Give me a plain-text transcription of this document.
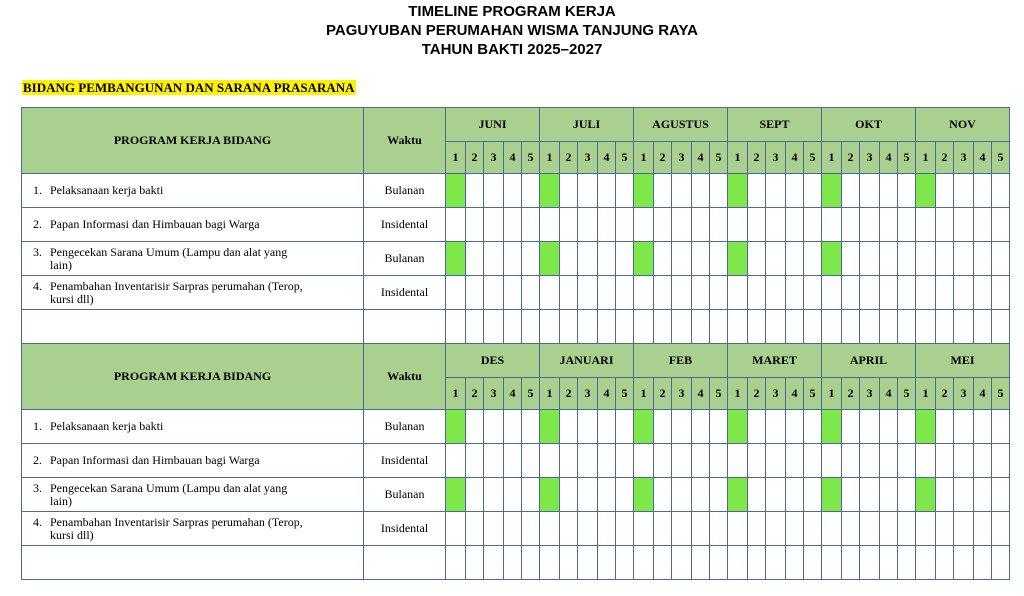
TIMELINE PROGRAM KERJA
PAGUYUBAN PERUMAHAN WISMA TANJUNG RAYA
TAHUN BAKTI 2025–2027
BIDANG PEMBANGUNAN DAN SARANA PRASARANA
PROGRAM KERJA BIDANG	Waktu	JUNI					JULI					AGUSTUS					SEPT					OKT					NOV				
		1	2	3	4	5	1	2	3	4	5	1	2	3	4	5	1	2	3	4	5	1	2	3	4	5	1	2	3	4	5
1. Pelaksanaan kerja bakti	Bulanan																														
2. Papan Informasi dan Himbauan bagi Warga	Insidental																														
3. Pengecekan Sarana Umum (Lampu dan alat yang lain)	Bulanan																														
4. Penambahan Inventarisir Sarpras perumahan (Terop, kursi dll)	Insidental																														

PROGRAM KERJA BIDANG	Waktu	DES					JANUARI					FEB					MARET					APRIL					MEI				
		1	2	3	4	5	1	2	3	4	5	1	2	3	4	5	1	2	3	4	5	1	2	3	4	5	1	2	3	4	5
1. Pelaksanaan kerja bakti	Bulanan																														
2. Papan Informasi dan Himbauan bagi Warga	Insidental																														
3. Pengecekan Sarana Umum (Lampu dan alat yang lain)	Bulanan																														
4. Penambahan Inventarisir Sarpras perumahan (Terop, kursi dll)	Insidental																														
